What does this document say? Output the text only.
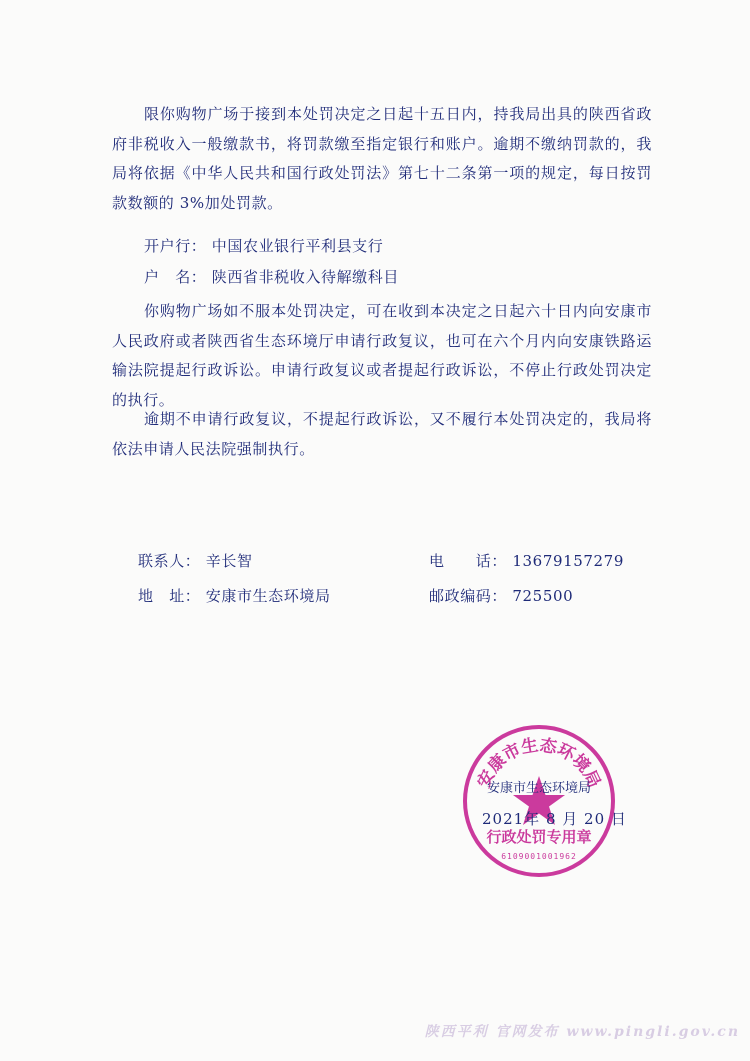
限你购物广场于接到本处罚决定之日起十五日内，持我局出具的陕西省政府非税收入一般缴款书，将罚款缴至指定银行和账户。逾期不缴纳罚款的，我局将依据《中华人民共和国行政处罚法》第七十二条第一项的规定，每日按罚款数额的 3%加处罚款。

开户行： 中国农业银行平利县支行
户　名： 陕西省非税收入待解缴科目

你购物广场如不服本处罚决定，可在收到本决定之日起六十日内向安康市人民政府或者陕西省生态环境厅申请行政复议，也可在六个月内向安康铁路运输法院提起行政诉讼。申请行政复议或者提起行政诉讼，不停止行政处罚决定的执行。

逾期不申请行政复议，不提起行政诉讼，又不履行本处罚决定的，我局将依法申请人民法院强制执行。

联系人： 辛长智	电　　话： 13679157279
地　址： 安康市生态环境局	邮政编码： 725500
安康市生态环境局
安康市生态环境局
行政处罚专用章
6109001001962
2021年 8 月 20 日
陕西平利 官网发布 www.pingli.gov.cn
